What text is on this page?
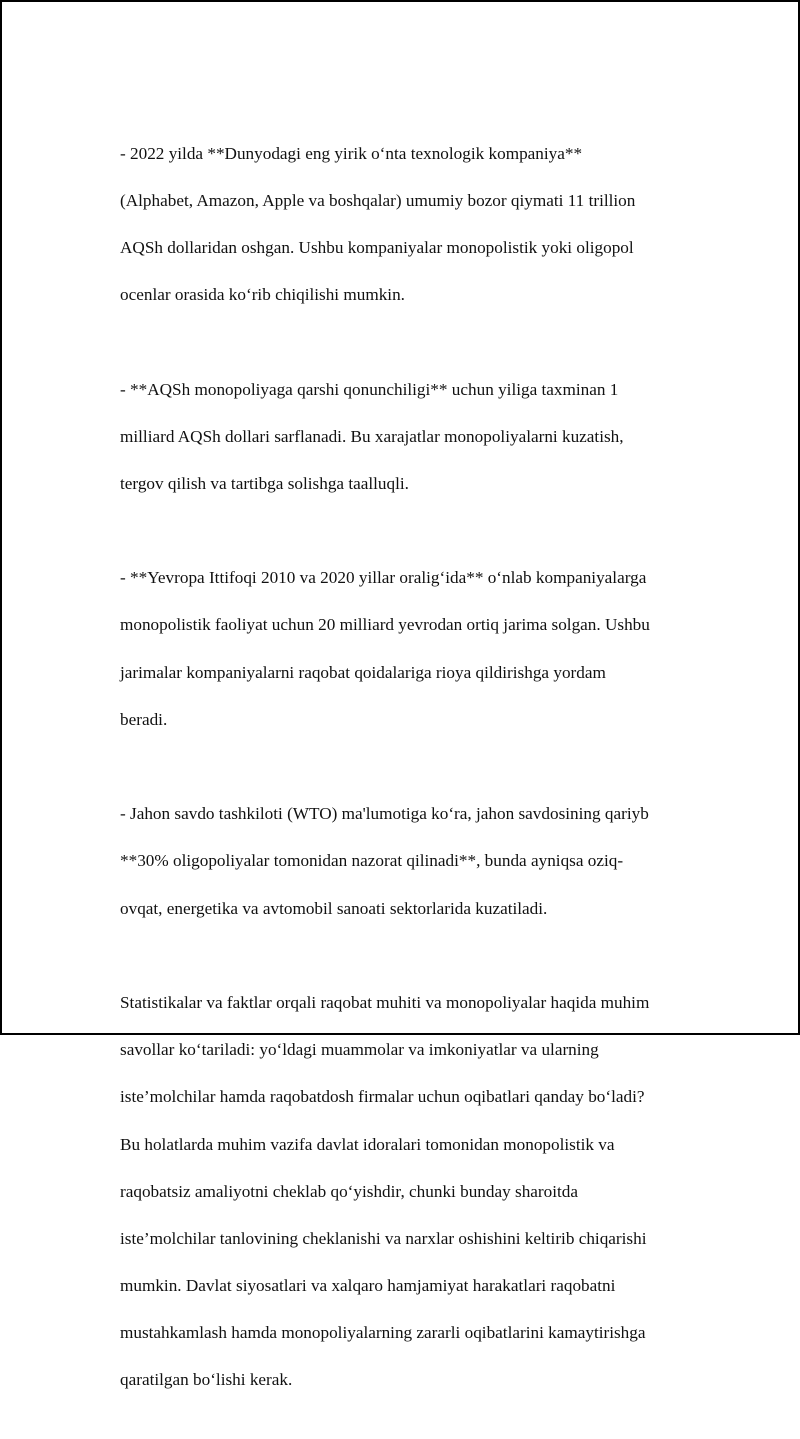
- 2022 yilda **Dunyodagi eng yirik o‘nta texnologik kompaniya**

(Alphabet, Amazon, Apple va boshqalar) umumiy bozor qiymati 11 trillion

AQSh dollaridan oshgan. Ushbu kompaniyalar monopolistik yoki oligopol

ocenlar orasida ko‘rib chiqilishi mumkin.

- **AQSh monopoliyaga qarshi qonunchiligi** uchun yiliga taxminan 1

milliard AQSh dollari sarflanadi. Bu xarajatlar monopoliyalarni kuzatish,

tergov qilish va tartibga solishga taalluqli.

- **Yevropa Ittifoqi 2010 va 2020 yillar oralig‘ida** o‘nlab kompaniyalarga

monopolistik faoliyat uchun 20 milliard yevrodan ortiq jarima solgan. Ushbu

jarimalar kompaniyalarni raqobat qoidalariga rioya qildirishga yordam

beradi.

- Jahon savdo tashkiloti (WTO) ma'lumotiga ko‘ra, jahon savdosining qariyb

**30% oligopoliyalar tomonidan nazorat qilinadi**, bunda ayniqsa oziq-

ovqat, energetika va avtomobil sanoati sektorlarida kuzatiladi.

Statistikalar va faktlar orqali raqobat muhiti va monopoliyalar haqida muhim

savollar ko‘tariladi: yo‘ldagi muammolar va imkoniyatlar va ularning

iste’molchilar hamda raqobatdosh firmalar uchun oqibatlari qanday bo‘ladi?

Bu holatlarda muhim vazifa davlat idoralari tomonidan monopolistik va

raqobatsiz amaliyotni cheklab qo‘yishdir, chunki bunday sharoitda

iste’molchilar tanlovining cheklanishi va narxlar oshishini keltirib chiqarishi

mumkin. Davlat siyosatlari va xalqaro hamjamiyat harakatlari raqobatni

mustahkamlash hamda monopoliyalarning zararli oqibatlarini kamaytirishga

qaratilgan bo‘lishi kerak.
